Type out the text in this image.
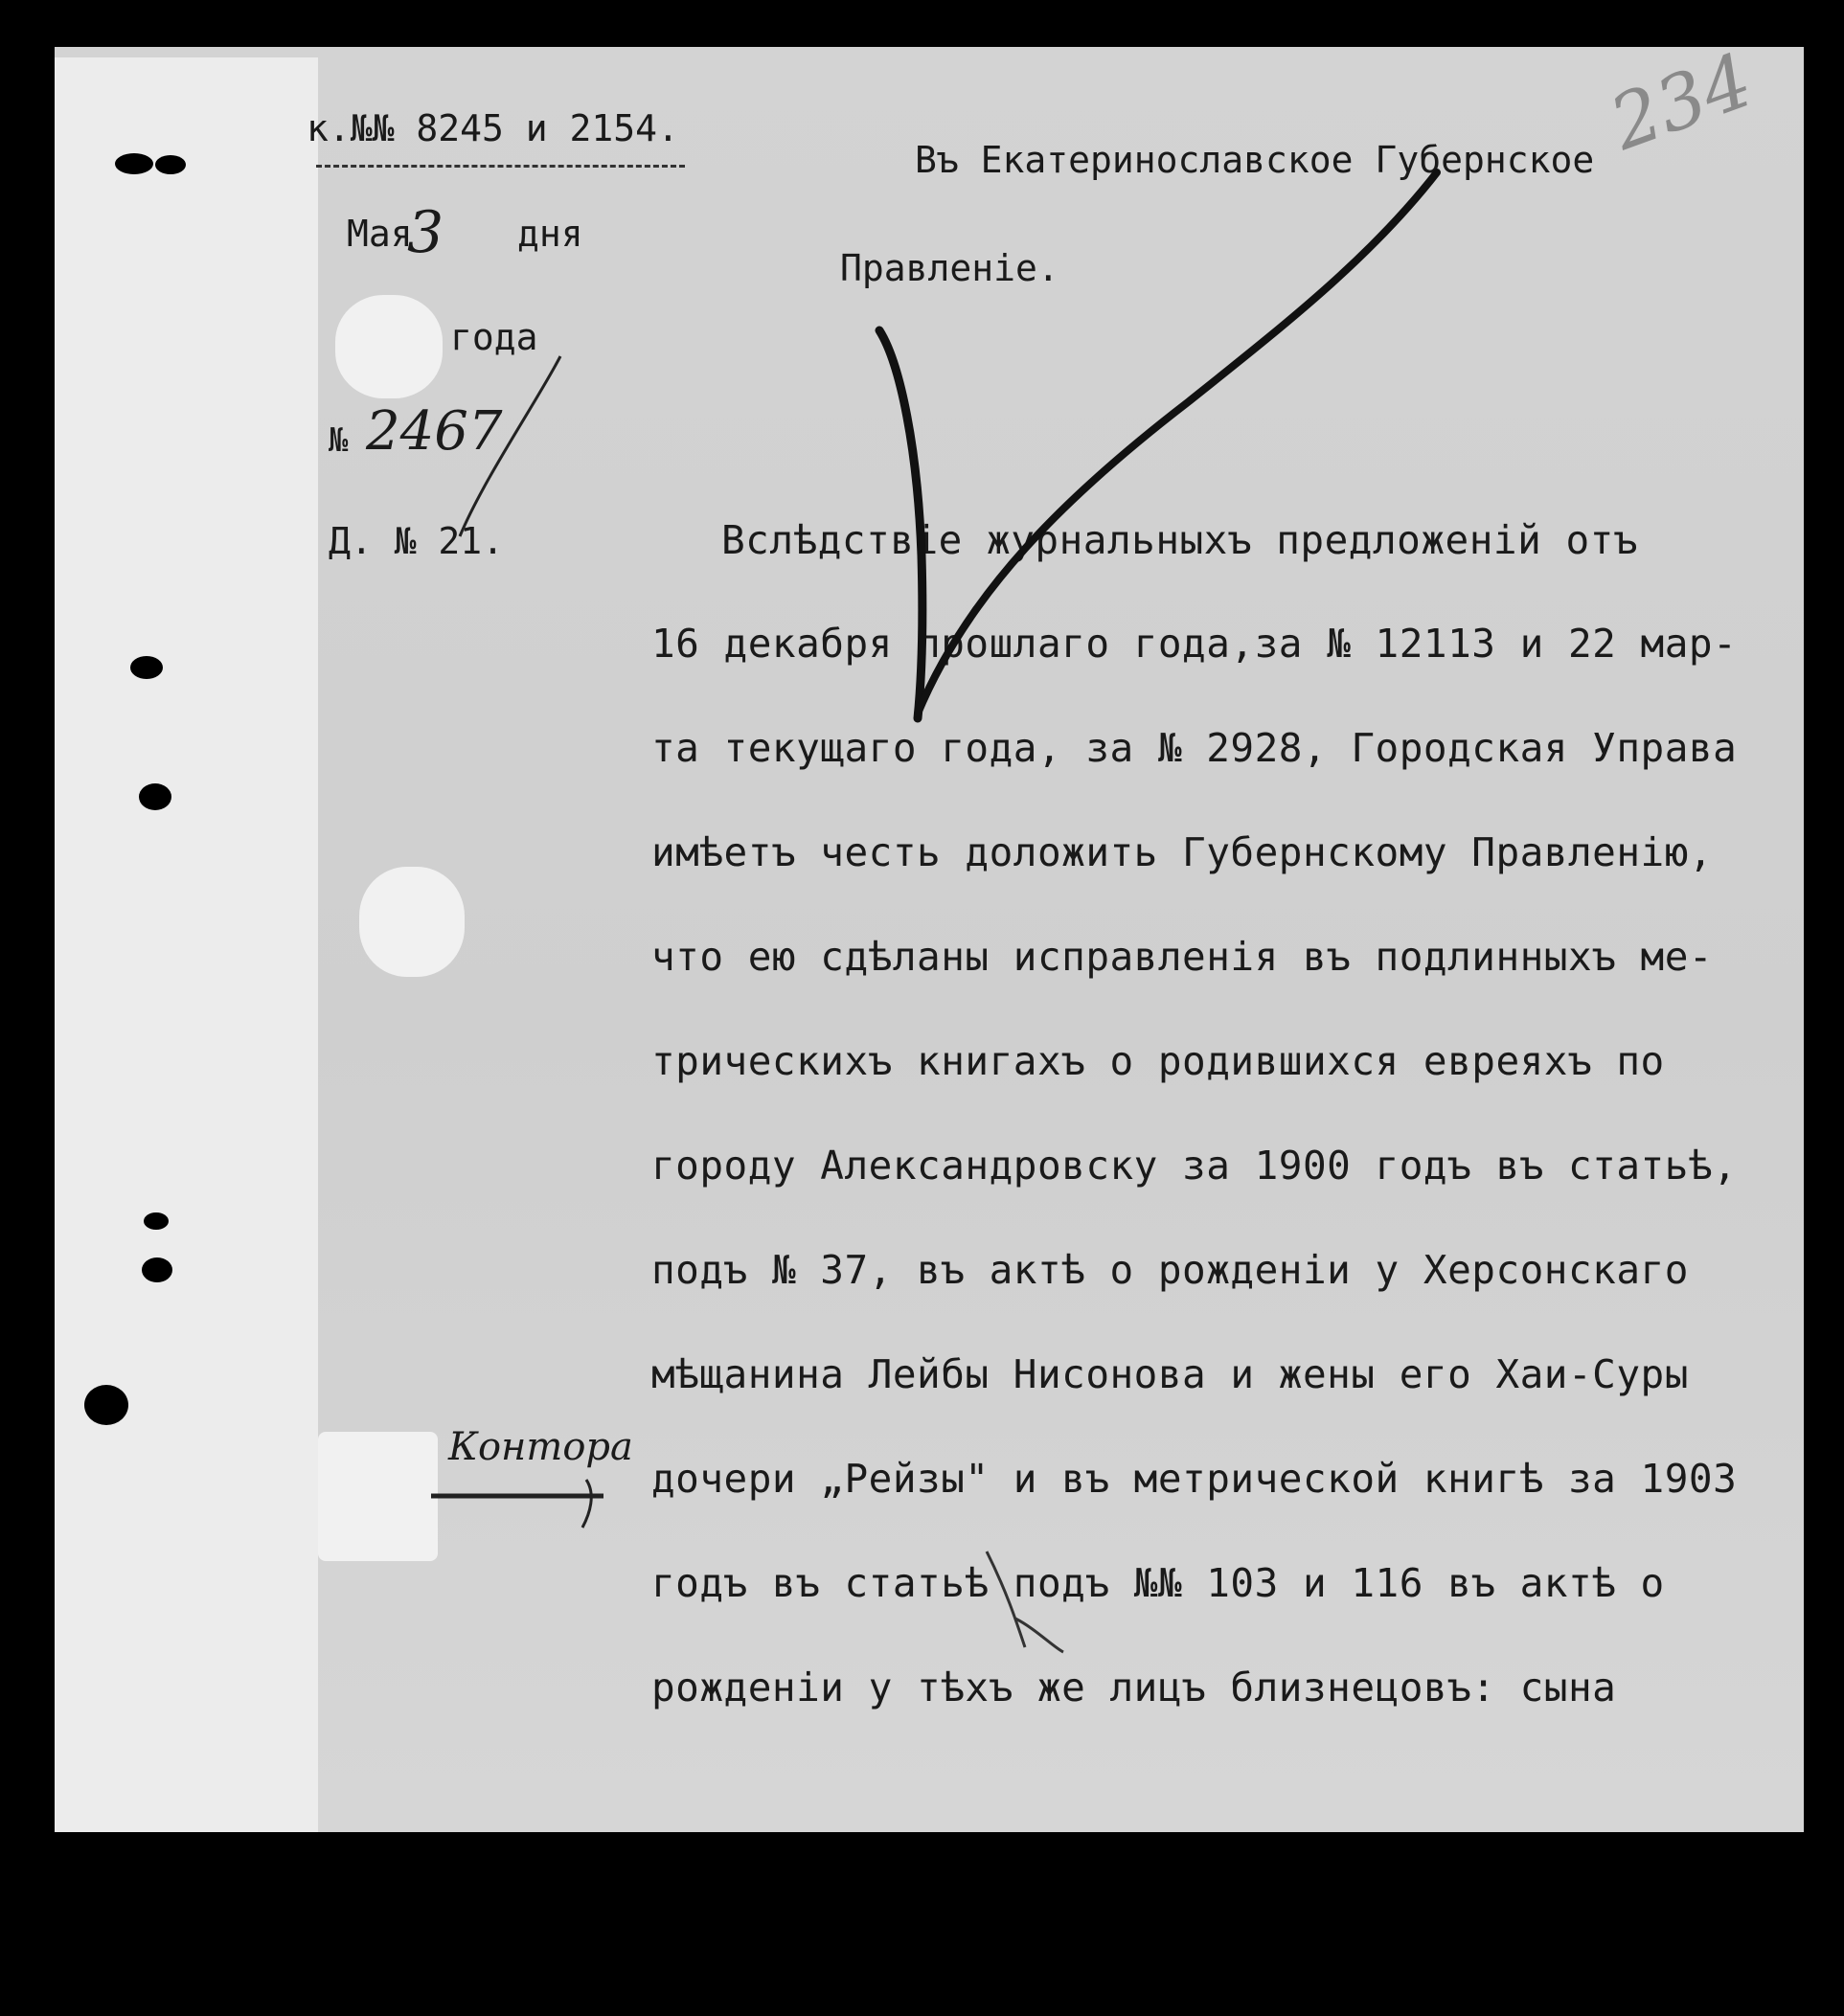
234
к.№№ 8245 и 2154.
Мая
3 дня
года
№ 2467
Д. № 21.
Въ Екатеринославское Губернское
Правленіе.
Вслѣдствіе журнальныхъ предложеній отъ
16 декабря прошлаго года,за № 12113 и 22 мар-
та текущаго года, за № 2928, Городская Управа
имѣетъ честь доложить Губернскому Правленію,
что ею сдѣланы исправленія въ подлинныхъ ме-
трическихъ книгахъ о родившихся евреяхъ по
городу Александровску за 1900 годъ въ статьѣ,
подъ № 37, въ актѣ о рожденіи у Херсонскаго
мѣщанина Лейбы Нисонова и жены его Хаи-Суры
дочери „Рейзы" и въ метрической книгѣ за 1903
годъ въ статьѣ подъ №№ 103 и 116 въ актѣ о
рожденіи у тѣхъ же лицъ близнецовъ: сына
Контора
